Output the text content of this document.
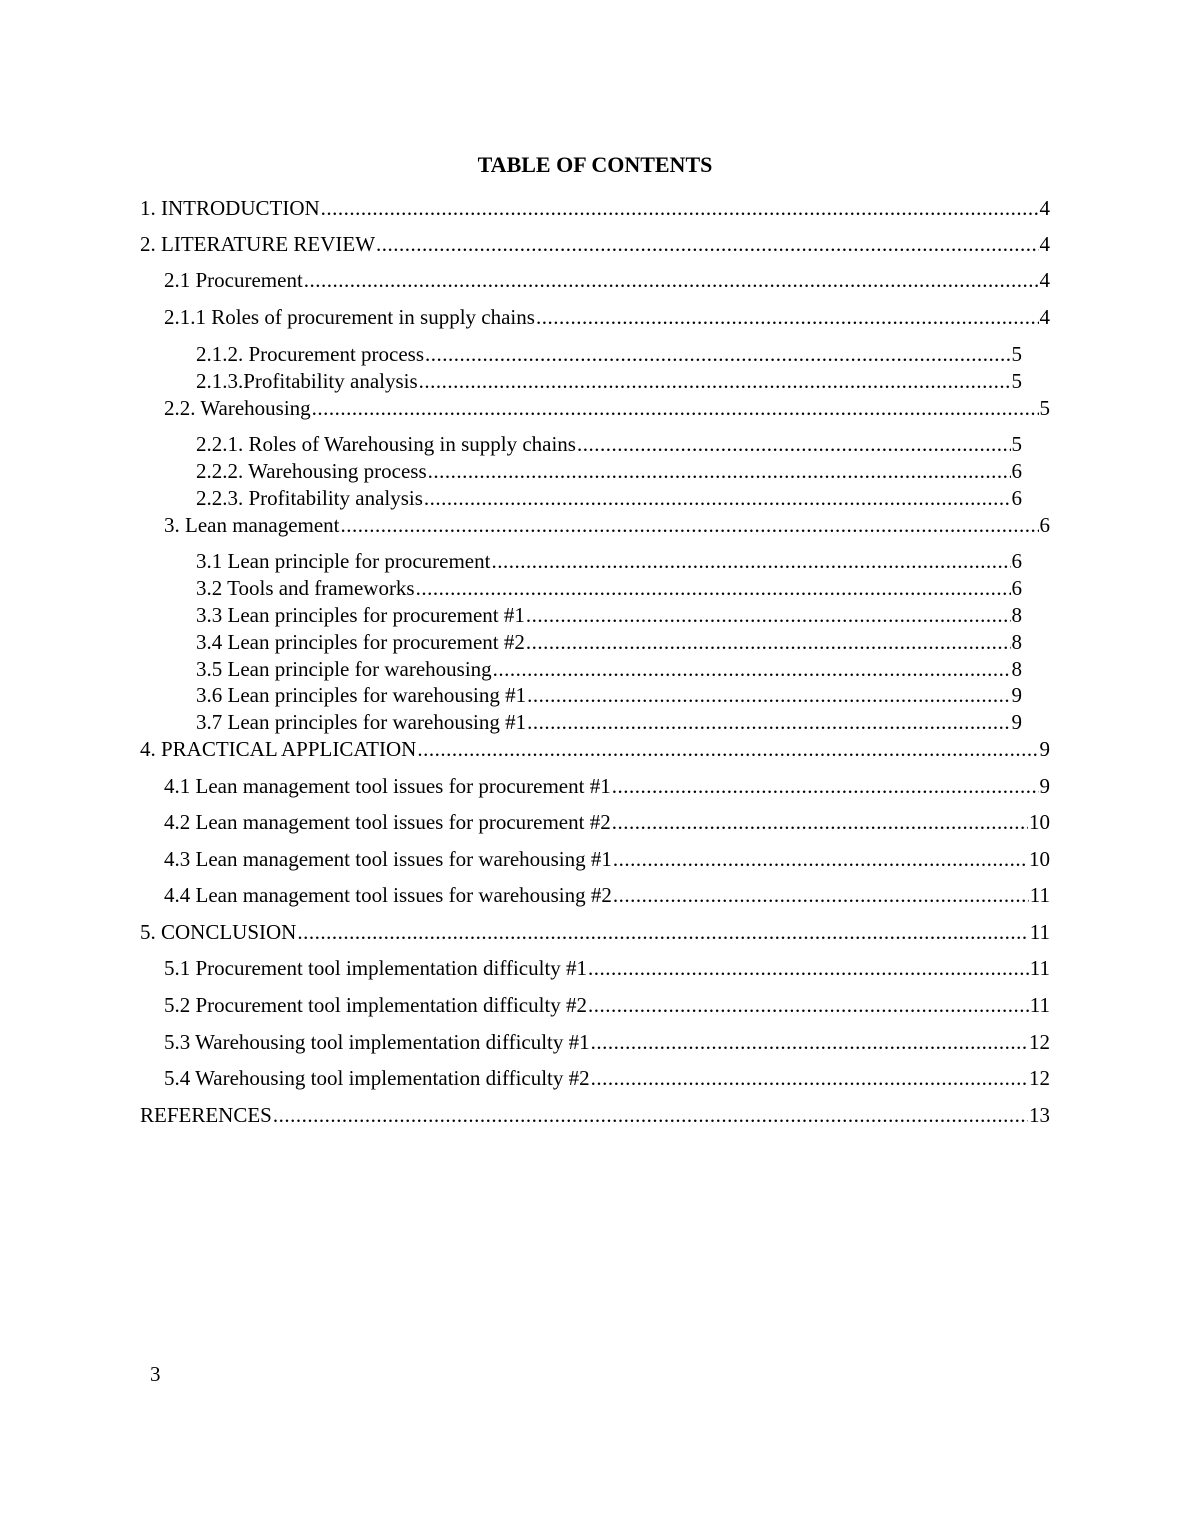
TABLE OF CONTENTS
1. INTRODUCTION .....	4
2. LITERATURE REVIEW .....	4
2.1 Procurement .....	4
2.1.1 Roles of procurement in supply chains .....	4
2.1.2. Procurement process .....	5
2.1.3.Profitability analysis .....	5
2.2. Warehousing .....	5
2.2.1. Roles of Warehousing in supply chains .....	5
2.2.2. Warehousing process .....	6
2.2.3. Profitability analysis .....	6
3. Lean management .....	6
3.1 Lean principle for procurement .....	6
3.2 Tools and frameworks .....	6
3.3 Lean principles for procurement #1 .....	8
3.4 Lean principles for procurement #2 .....	8
3.5 Lean principle for warehousing .....	8
3.6 Lean principles for warehousing #1 .....	9
3.7 Lean principles for warehousing #1 .....	9
4. PRACTICAL APPLICATION .....	9
4.1 Lean management tool issues for procurement #1 .....	9
4.2 Lean management tool issues for procurement #2 .....	10
4.3 Lean management tool issues for warehousing #1 .....	10
4.4 Lean management tool issues for warehousing #2 .....	11
5. CONCLUSION .....	11
5.1 Procurement tool implementation difficulty #1 .....	11
5.2 Procurement tool implementation difficulty #2 .....	11
5.3 Warehousing tool implementation difficulty #1 .....	12
5.4 Warehousing tool implementation difficulty #2 .....	12
REFERENCES .....	13
3
